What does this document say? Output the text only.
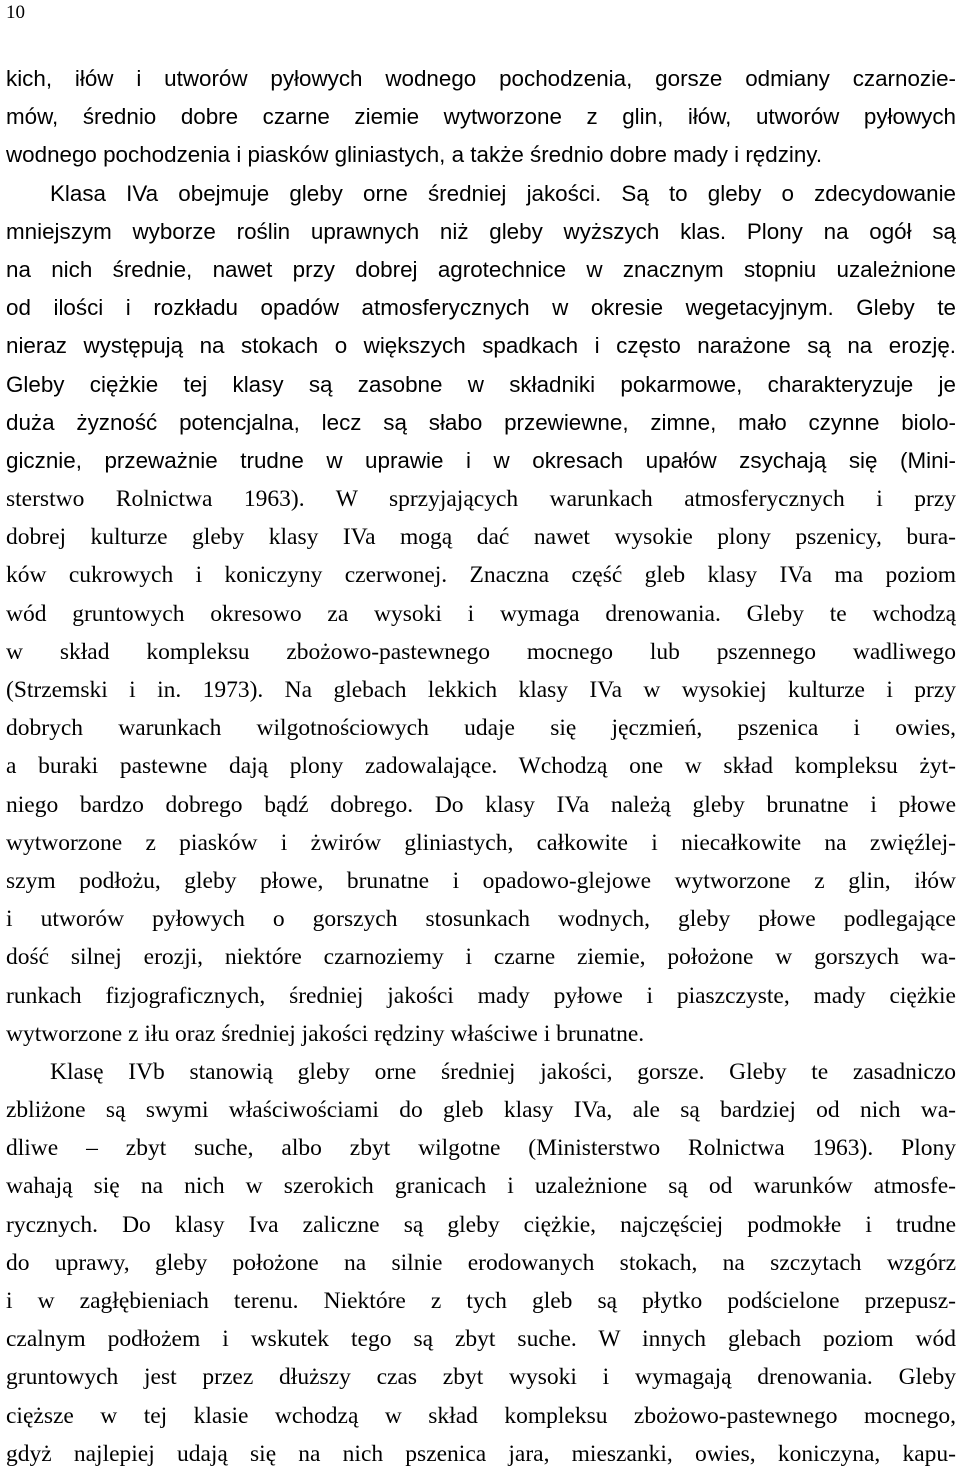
10
kich, iłów i utworów pyłowych wodnego pochodzenia, gorsze odmiany czarnozie-
mów, średnio dobre czarne ziemie wytworzone z glin, iłów, utworów pyłowych
wodnego pochodzenia i piasków gliniastych, a także średnio dobre mady i rędziny.
Klasa IVa obejmuje gleby orne średniej jakości. Są to gleby o zdecydowanie
mniejszym wyborze roślin uprawnych niż gleby wyższych klas. Plony na ogół są
na nich średnie, nawet przy dobrej agrotechnice w znacznym stopniu uzależnione
od ilości i rozkładu opadów atmosferycznych w okresie wegetacyjnym. Gleby te
nieraz występują na stokach o większych spadkach i często narażone są na erozję.
Gleby ciężkie tej klasy są zasobne w składniki pokarmowe, charakteryzuje je
duża żyzność potencjalna, lecz są słabo przewiewne, zimne, mało czynne biolo-
gicznie, przeważnie trudne w uprawie i w okresach upałów zsychają się (Mini-
sterstwo Rolnictwa 1963). W sprzyjających warunkach atmosferycznych i przy
dobrej kulturze gleby klasy IVa mogą dać nawet wysokie plony pszenicy, bura-
ków cukrowych i koniczyny czerwonej. Znaczna część gleb klasy IVa ma poziom
wód gruntowych okresowo za wysoki i wymaga drenowania. Gleby te wchodzą
w skład kompleksu zbożowo-pastewnego mocnego lub pszennego wadliwego
(Strzemski i in. 1973). Na glebach lekkich klasy IVa w wysokiej kulturze i przy
dobrych warunkach wilgotnościowych udaje się jęczmień, pszenica i owies,
a buraki pastewne dają plony zadowalające. Wchodzą one w skład kompleksu żyt-
niego bardzo dobrego bądź dobrego. Do klasy IVa należą gleby brunatne i płowe
wytworzone z piasków i żwirów gliniastych, całkowite i niecałkowite na zwięźlej-
szym podłożu, gleby płowe, brunatne i opadowo-glejowe wytworzone z glin, iłów
i utworów pyłowych o gorszych stosunkach wodnych, gleby płowe podlegające
dość silnej erozji, niektóre czarnoziemy i czarne ziemie, położone w gorszych wa-
runkach fizjograficznych, średniej jakości mady pyłowe i piaszczyste, mady ciężkie
wytworzone z iłu oraz średniej jakości rędziny właściwe i brunatne.
Klasę IVb stanowią gleby orne średniej jakości, gorsze. Gleby te zasadniczo
zbliżone są swymi właściwościami do gleb klasy IVa, ale są bardziej od nich wa-
dliwe – zbyt suche, albo zbyt wilgotne (Ministerstwo Rolnictwa 1963). Plony
wahają się na nich w szerokich granicach i uzależnione są od warunków atmosfe-
rycznych. Do klasy Iva zaliczne są gleby ciężkie, najczęściej podmokłe i trudne
do uprawy, gleby położone na silnie erodowanych stokach, na szczytach wzgórz
i w zagłębieniach terenu. Niektóre z tych gleb są płytko podścielone przepusz-
czalnym podłożem i wskutek tego są zbyt suche. W innych glebach poziom wód
gruntowych jest przez dłuższy czas zbyt wysoki i wymagają drenowania. Gleby
cięższe w tej klasie wchodzą w skład kompleksu zbożowo-pastewnego mocnego,
gdyż najlepiej udają się na nich pszenica jara, mieszanki, owies, koniczyna, kapu-
